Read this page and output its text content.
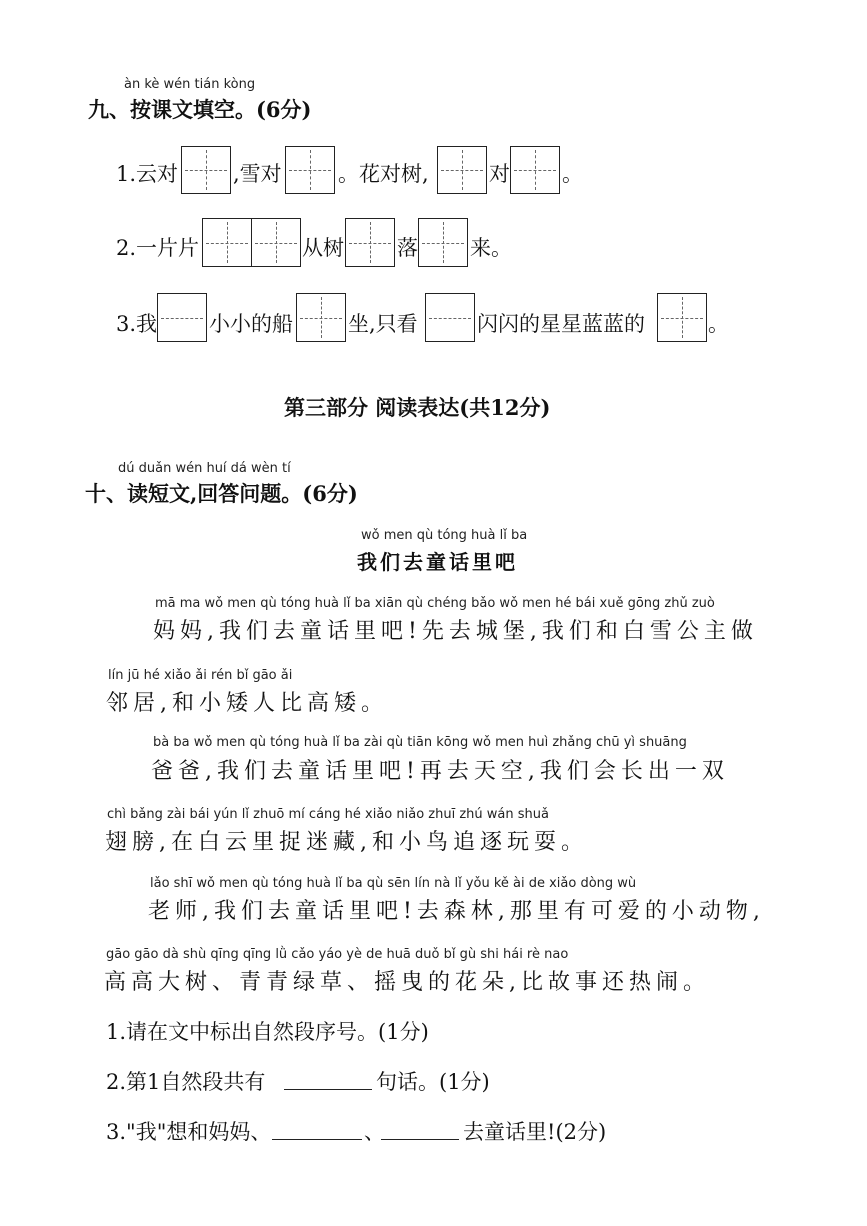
àn kè wén tián kòng
九、按课文填空。(6分)
1.云对	,雪对	。花对树,	对 。
2.一片片	从树	落 来。
3.我 小小的船	坐,只看	闪闪的星星蓝蓝的	。
第三部分 阅读表达(共12分)
dú duǎn wén huí dá wèn tí
十、读短文,回答问题。(6分)
wǒ men qù tóng huà lǐ ba
我们去童话里吧
mā ma wǒ men qù tóng huà lǐ ba xiān qù chéng bǎo wǒ men hé bái xuě gōng zhǔ zuò
妈妈,我们去童话里吧!先去城堡,我们和白雪公主做
lín jū hé xiǎo ǎi rén bǐ gāo ǎi
邻居,和小矮人比高矮。
bà ba wǒ men qù tóng huà lǐ ba zài qù tiān kōng wǒ men huì zhǎng chū yì shuāng
爸爸,我们去童话里吧!再去天空,我们会长出一双
chì bǎng zài bái yún lǐ zhuō mí cáng hé xiǎo niǎo zhuī zhú wán shuǎ
翅膀,在白云里捉迷藏,和小鸟追逐玩耍。
lǎo shī wǒ men qù tóng huà lǐ ba qù sēn lín nà lǐ yǒu kě ài de xiǎo dòng wù
老师,我们去童话里吧!去森林,那里有可爱的小动物,
gāo gāo dà shù qīng qīng lǜ cǎo yáo yè de huā duǒ bǐ gù shi hái rè nao
高高大树、青青绿草、摇曳的花朵,比故事还热闹。
1.请在文中标出自然段序号。(1分)
2.第1自然段共有	句话。(1分)
3."我"想和妈妈、	、	去童话里!(2分)
